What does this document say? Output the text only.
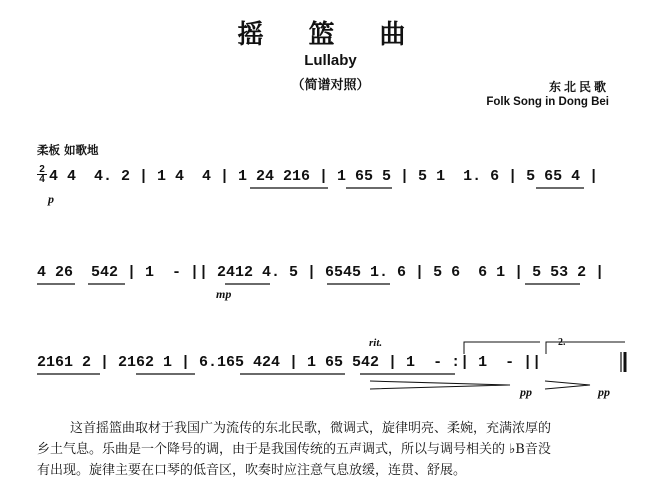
摇 篮 曲
Lullaby
（简谱对照）	东北民歌
Folk Song in Dong Bei
柔板 如歌地
2
4 4 4  4. 2 | 1 4  4 | 1 24 216 | 1 65 5 | 5 1  1. 6 | 5 65 4 |
4 26  542 | 1  - || 2412 4. 5 | 6545 1. 6 | 5 6  6 1 | 5 53 2 |
2161 2 | 2162 1 | 6.165 424 | 1 65 542 | 1  - :| 1  - ||
p
mp
rit.
pp	pp
2.
这首摇篮曲取材于我国广为流传的东北民歌，微调式，旋律明亮、柔婉，充满浓厚的
乡土气息。乐曲是一个降号的调，由于是我国传统的五声调式，所以与调号相关的 ♭B音没
有出现。旋律主要在口琴的低音区，吹奏时应注意气息放缓，连贯、舒展。
